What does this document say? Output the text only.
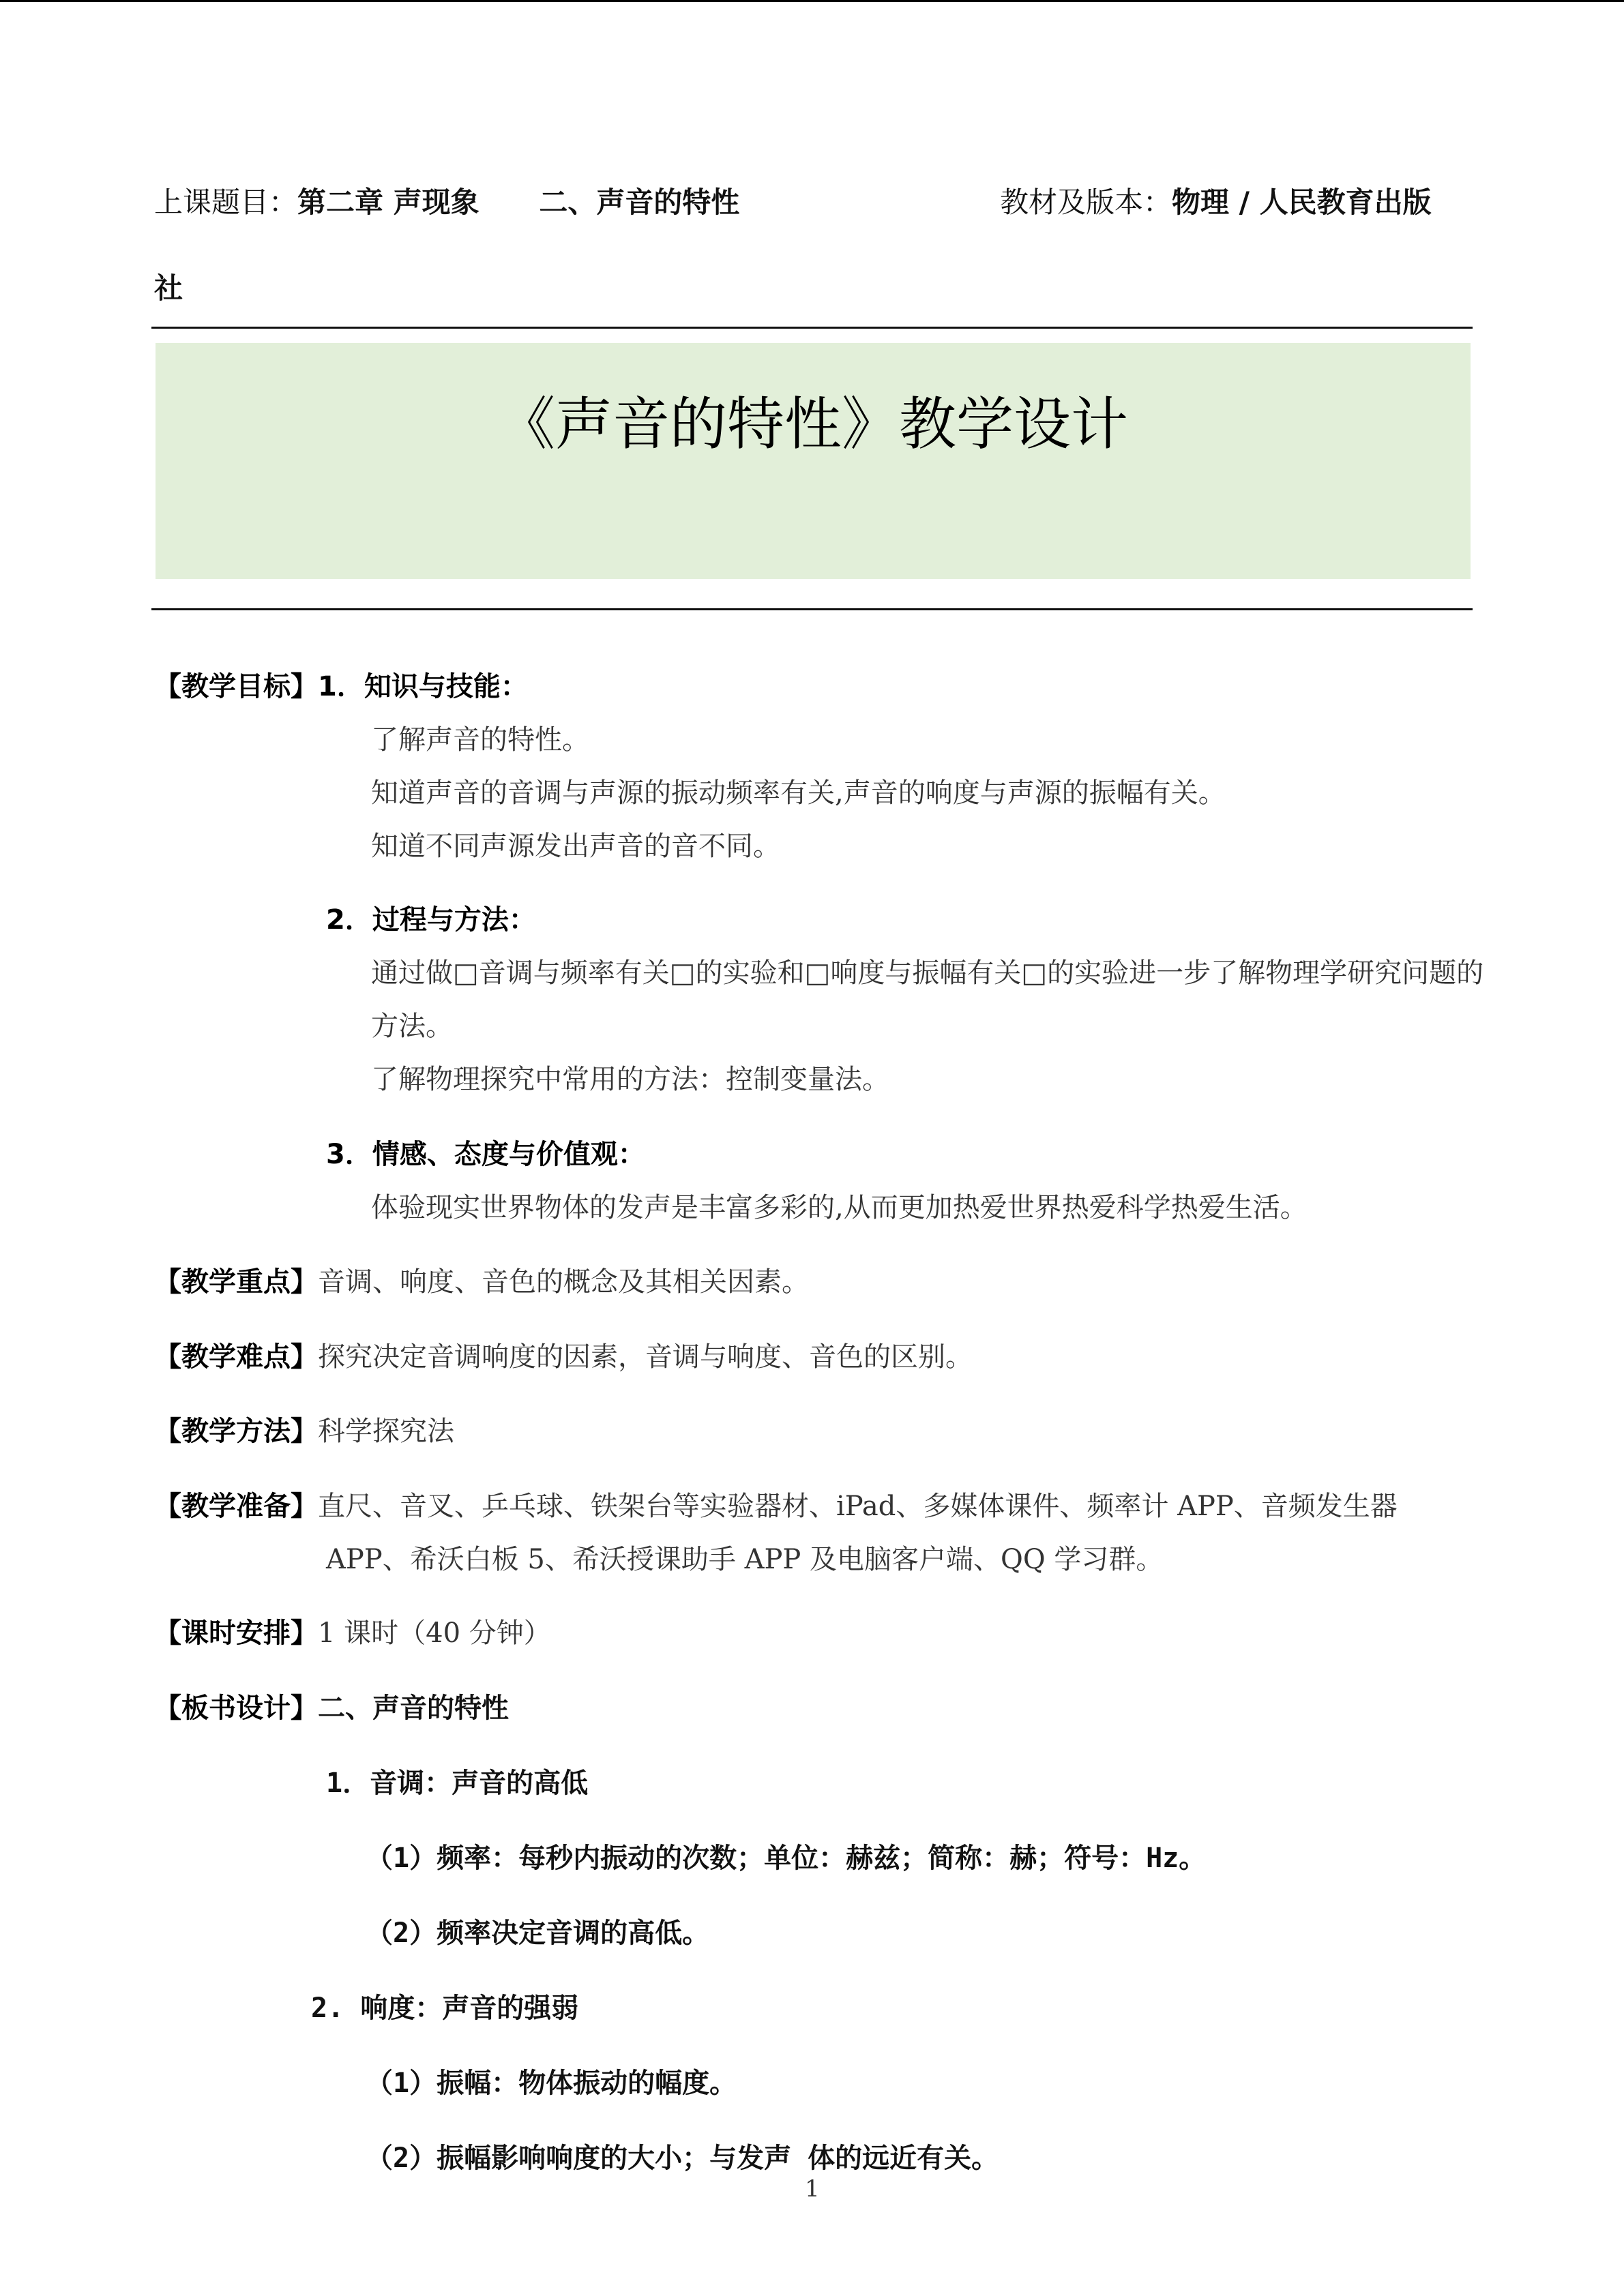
上课题目：第二章 声现象      二、声音的特性	教材及版本：物理 / 人民教育出版
社
《声音的特性》教学设计
【教学目标】1．知识与技能：
了解声音的特性。
知道声音的音调与声源的振动频率有关,声音的响度与声源的振幅有关。
知道不同声源发出声音的音不同。
2．过程与方法：
通过做□音调与频率有关□的实验和□响度与振幅有关□的实验进一步了解物理学研究问题的
方法。
了解物理探究中常用的方法：控制变量法。
3．情感、态度与价值观：
体验现实世界物体的发声是丰富多彩的,从而更加热爱世界热爱科学热爱生活。
【教学重点】音调、响度、音色的概念及其相关因素。
【教学难点】探究决定音调响度的因素，音调与响度、音色的区别。
【教学方法】科学探究法
【教学准备】直尺、音叉、乒乓球、铁架台等实验器材、iPad、多媒体课件、频率计 APP、音频发生器
APP、希沃白板 5、希沃授课助手 APP 及电脑客户端、QQ 学习群。
【课时安排】1 课时（40 分钟）
【板书设计】二、声音的特性
1．音调：声音的高低
（1）频率：每秒内振动的次数；单位：赫兹；简称：赫；符号：Hz。
（2）频率决定音调的高低。
2. 响度：声音的强弱
（1）振幅：物体振动的幅度。
（2）振幅影响响度的大小；与发声 体的远近有关。
1
